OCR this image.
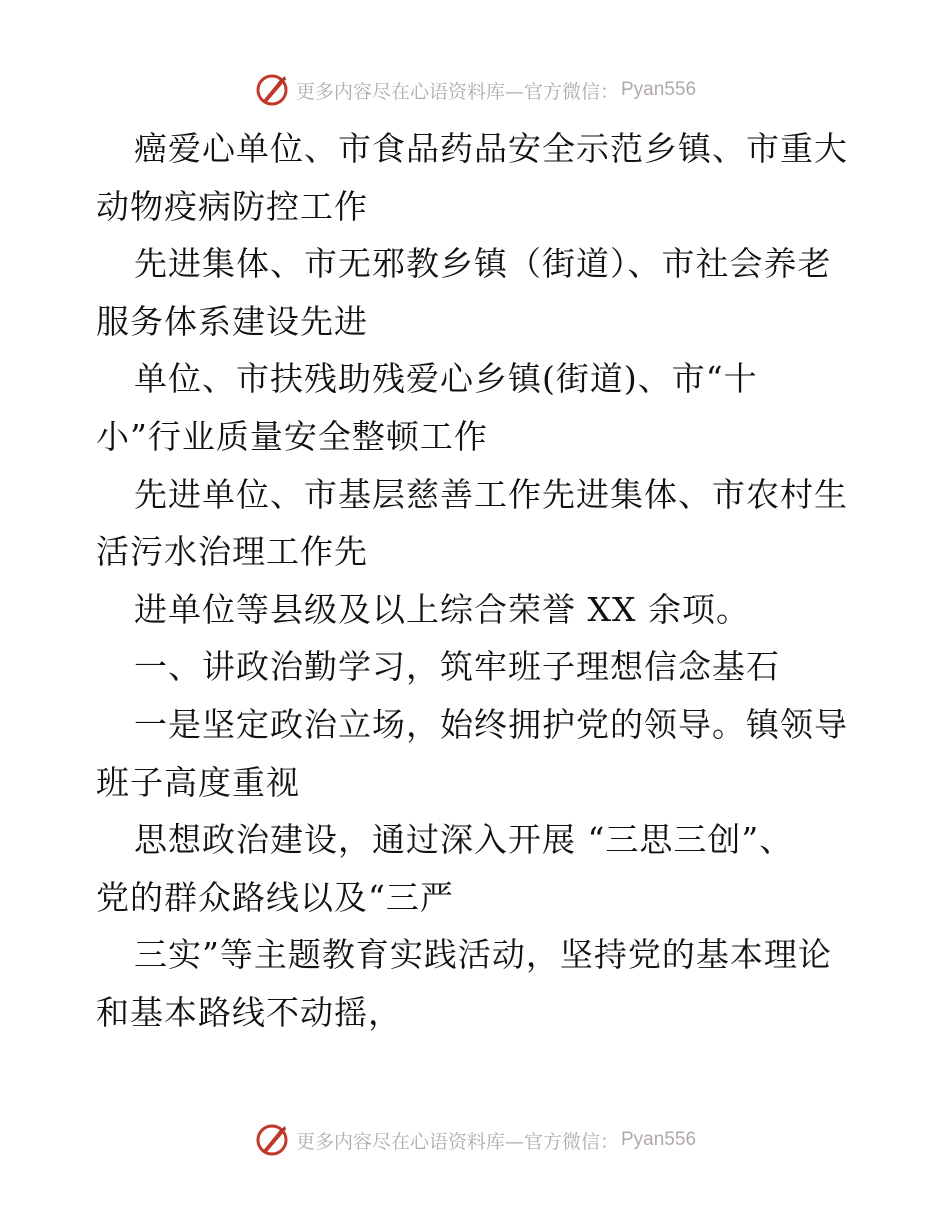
更多内容尽在心语资料库—官方微信： Pyan556
癌爱心单位、市食品药品安全示范乡镇、市重大
动物疫病防控工作
先进集体、市无邪教乡镇（街道）、市社会养老
服务体系建设先进
单位、市扶残助残爱心乡镇(街道)、市“十
小”行业质量安全整顿工作
先进单位、市基层慈善工作先进集体、市农村生
活污水治理工作先
进单位等县级及以上综合荣誉 XX 余项。
一、讲政治勤学习，筑牢班子理想信念基石
一是坚定政治立场，始终拥护党的领导。镇领导
班子高度重视
思想政治建设，通过深入开展 “三思三创”、
党的群众路线以及“三严
三实”等主题教育实践活动，坚持党的基本理论
和基本路线不动摇，
更多内容尽在心语资料库—官方微信： Pyan556
